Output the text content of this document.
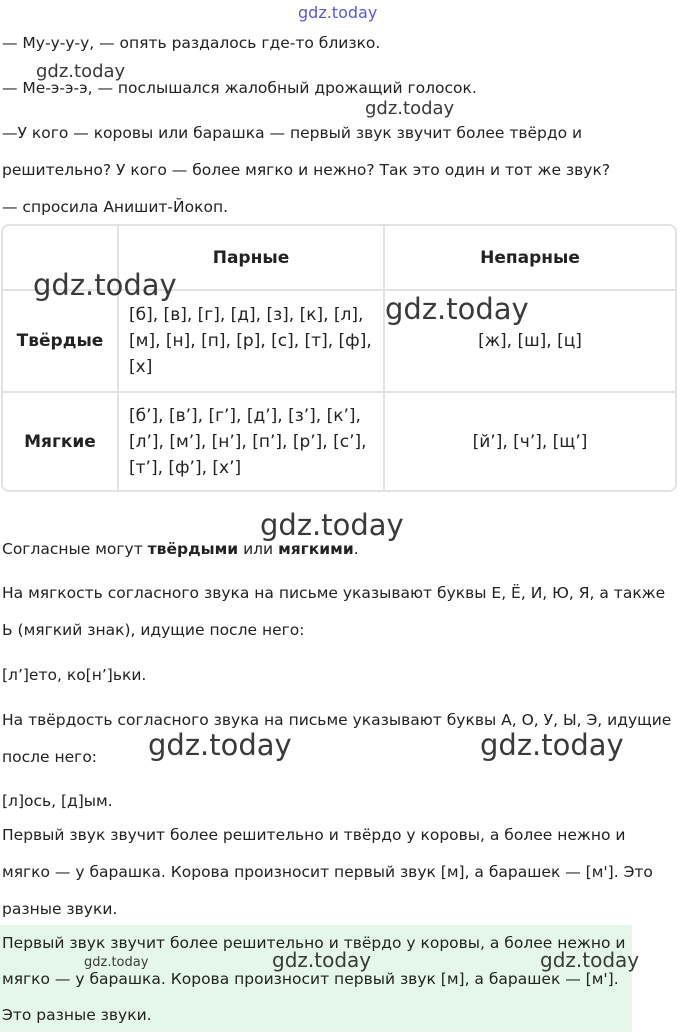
gdz.today
gdz.today
gdz.today
gdz.today
gdz.today
gdz.today
gdz.today	gdz.today
gdz.today	gdz.today	gdz.today

— Му-у-у-у, — опять раздалось где-то близко.

— Ме-э-э-э, — послышался жалобный дрожащий голосок.

—У кого — коровы или барашка — первый звук звучит более твёрдо и решительно? У кого — более мягко и нежно? Так это один и тот же звук? — спросила Анишит-Йокоп.

	Парные	Непарные
Твёрдые	[б], [в], [г], [д], [з], [к], [л], [м], [н], [п], [р], [с], [т], [ф], [х]	[ж], [ш], [ц]
Мягкие	[б’], [в’], [г’], [д’], [з’], [к’], [л’], [м’], [н’], [п’], [р’], [с’], [т’], [ф’], [х’]	[й’], [ч’], [щ’]

Согласные могут твёрдыми или мягкими.

На мягкость согласного звука на письме указывают буквы Е, Ё, И, Ю, Я, а также Ь (мягкий знак), идущие после него:

[л’]ето, ко[н’]ьки.

На твёрдость согласного звука на письме указывают буквы А, О, У, Ы, Э, идущие после него:

[л]ось, [д]ым.

Первый звук звучит более решительно и твёрдо у коровы, а более нежно и мягко — у барашка. Корова произносит первый звук [м], а барашек — [м']. Это разные звуки.

Первый звук звучит более решительно и твёрдо у коровы, а более нежно и мягко — у барашка. Корова произносит первый звук [м], а барашек — [м']. Это разные звуки.
